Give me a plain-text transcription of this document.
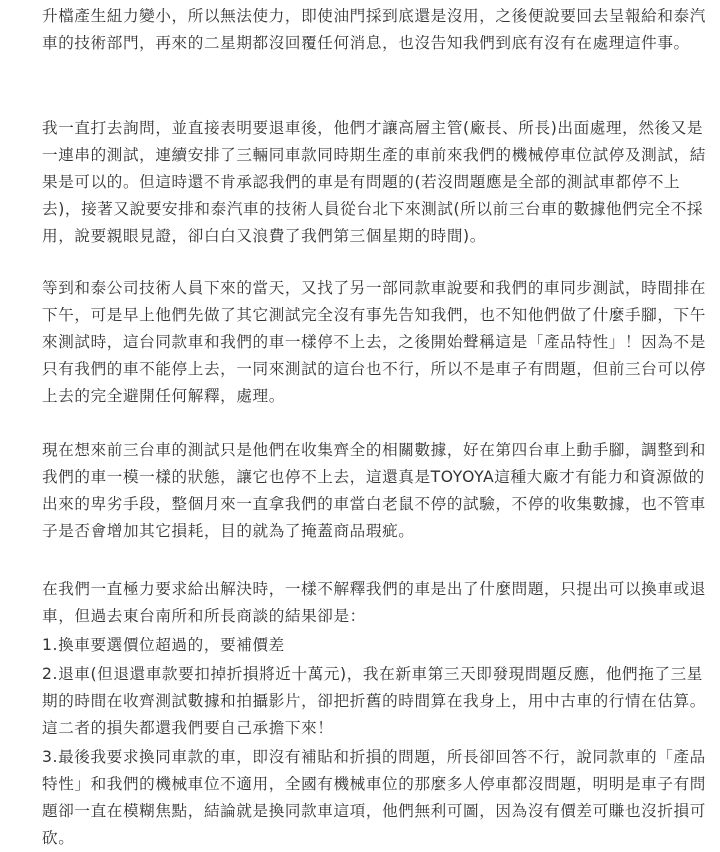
升檔產生紐力變小，所以無法使力，即使油門採到底還是沒用，之後便說要回去呈報給和泰汽車的技術部門，再來的二星期都沒回覆任何消息，也沒告知我們到底有沒有在處理這件事。

我一直打去詢問，並直接表明要退車後，他們才讓高層主管(廠長、所長)出面處理，然後又是一連串的測試，連續安排了三輛同車款同時期生產的車前來我們的機械停車位試停及測試，結果是可以的。但這時還不肯承認我們的車是有問題的(若沒問題應是全部的測試車都停不上去)，接著又說要安排和泰汽車的技術人員從台北下來測試(所以前三台車的數據他們完全不採用，說要親眼見證，卻白白又浪費了我們第三個星期的時間)。

等到和泰公司技術人員下來的當天，又找了另一部同款車說要和我們的車同步測試，時間排在下午，可是早上他們先做了其它測試完全沒有事先告知我們，也不知他們做了什麼手腳，下午來測試時，這台同款車和我們的車一樣停不上去，之後開始聲稱這是「產品特性」！因為不是只有我們的車不能停上去，一同來測試的這台也不行，所以不是車子有問題，但前三台可以停上去的完全避開任何解釋，處理。

現在想來前三台車的測試只是他們在收集齊全的相關數據，好在第四台車上動手腳，調整到和我們的車一模一樣的狀態，讓它也停不上去，這還真是TOYOYA這種大廠才有能力和資源做的出來的卑劣手段，整個月來一直拿我們的車當白老鼠不停的試驗，不停的收集數據，也不管車子是否會增加其它損耗，目的就為了掩蓋商品瑕疵。

在我們一直極力要求給出解決時，一樣不解釋我們的車是出了什麼問題，只提出可以換車或退車，但過去東台南所和所長商談的結果卻是：

1.換車要選價位超過的，要補價差

2.退車(但退還車款要扣掉折損將近十萬元)，我在新車第三天即發現問題反應，他們拖了三星期的時間在收齊測試數據和拍攝影片，卻把折舊的時間算在我身上，用中古車的行情在估算。這二者的損失都還我們要自己承擔下來！

3.最後我要求換同車款的車，即沒有補貼和折損的問題，所長卻回答不行，說同款車的「產品特性」和我們的機械車位不適用，全國有機械車位的那麼多人停車都沒問題，明明是車子有問題卻一直在模糊焦點，結論就是換同款車這項，他們無利可圖，因為沒有價差可賺也沒折損可砍。
